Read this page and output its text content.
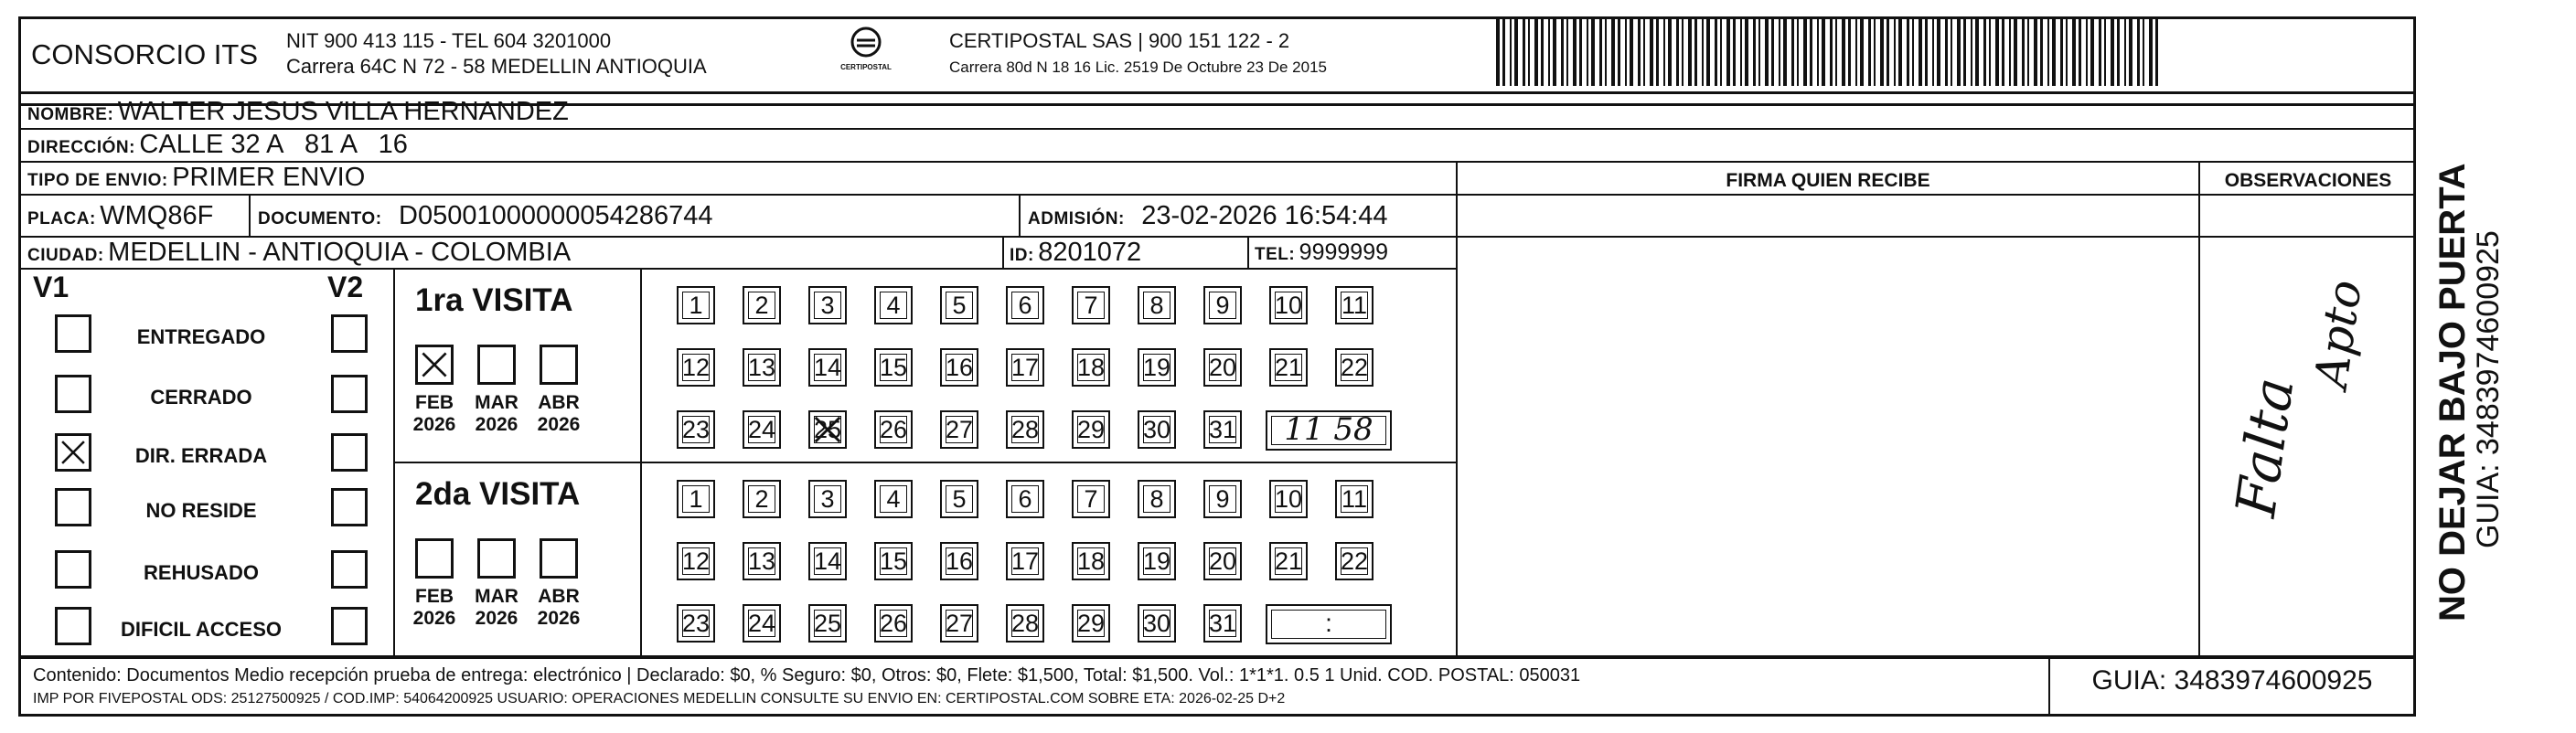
CONSORCIO ITS NIT 900 413 115 - TEL 604 3201000
Carrera 64C N 72 - 58 MEDELLIN ANTIOQUIA	CERTIPOSTAL
CERTIPOSTAL SAS | 900 151 122 - 2
Carrera 80d N 18 16 Lic. 2519 De Octubre 23 De 2015
NOMBRE: WALTER JESUS VILLA HERNANDEZ
DIRECCIÓN: CALLE 32 A   81 A   16
TIPO DE ENVIO: PRIMER ENVIO	FIRMA QUIEN RECIBE	OBSERVACIONES
PLACA: WMQ86F	DOCUMENTO: D05001000000054286744	ADMISIÓN: 23-02-2026 16:54:44
CIUDAD: MEDELLIN - ANTIOQUIA - COLOMBIA	ID: 8201072	TEL: 9999999
V1	V2
ENTREGADO
CERRADO
DIR. ERRADA
NO RESIDE
REHUSADO
DIFICIL ACCESO
1ra VISITA
FEB
2026
MAR
2026
ABR
2026
1	2	3	4	5	6	7	8	9	10 11
12 13 14 15 16 17 18 19 20 21 22
23 24 25 26 27 28 29 30 31	11 58
2da VISITA
FEB
2026
MAR
2026
ABR
2026
1	2	3	4	5	6	7	8	9	10 11
12 13 14 15 16 17 18 19 20 21 22
23 24 25 26 27 28 29 30 31	:
Falta
Apto NO DEJAR BAJO PUERTA
GUIA: 3483974600925
Contenido: Documentos Medio recepción prueba de entrega: electrónico | Declarado: $0, % Seguro: $0, Otros: $0, Flete: $1,500, Total: $1,500. Vol.: 1*1*1. 0.5 1 Unid. COD. POSTAL: 050031
IMP POR FIVEPOSTAL ODS: 25127500925 / COD.IMP: 54064200925 USUARIO: OPERACIONES MEDELLIN CONSULTE SU ENVIO EN: CERTIPOSTAL.COM SOBRE ETA: 2026-02-25 D+2
GUIA: 3483974600925
